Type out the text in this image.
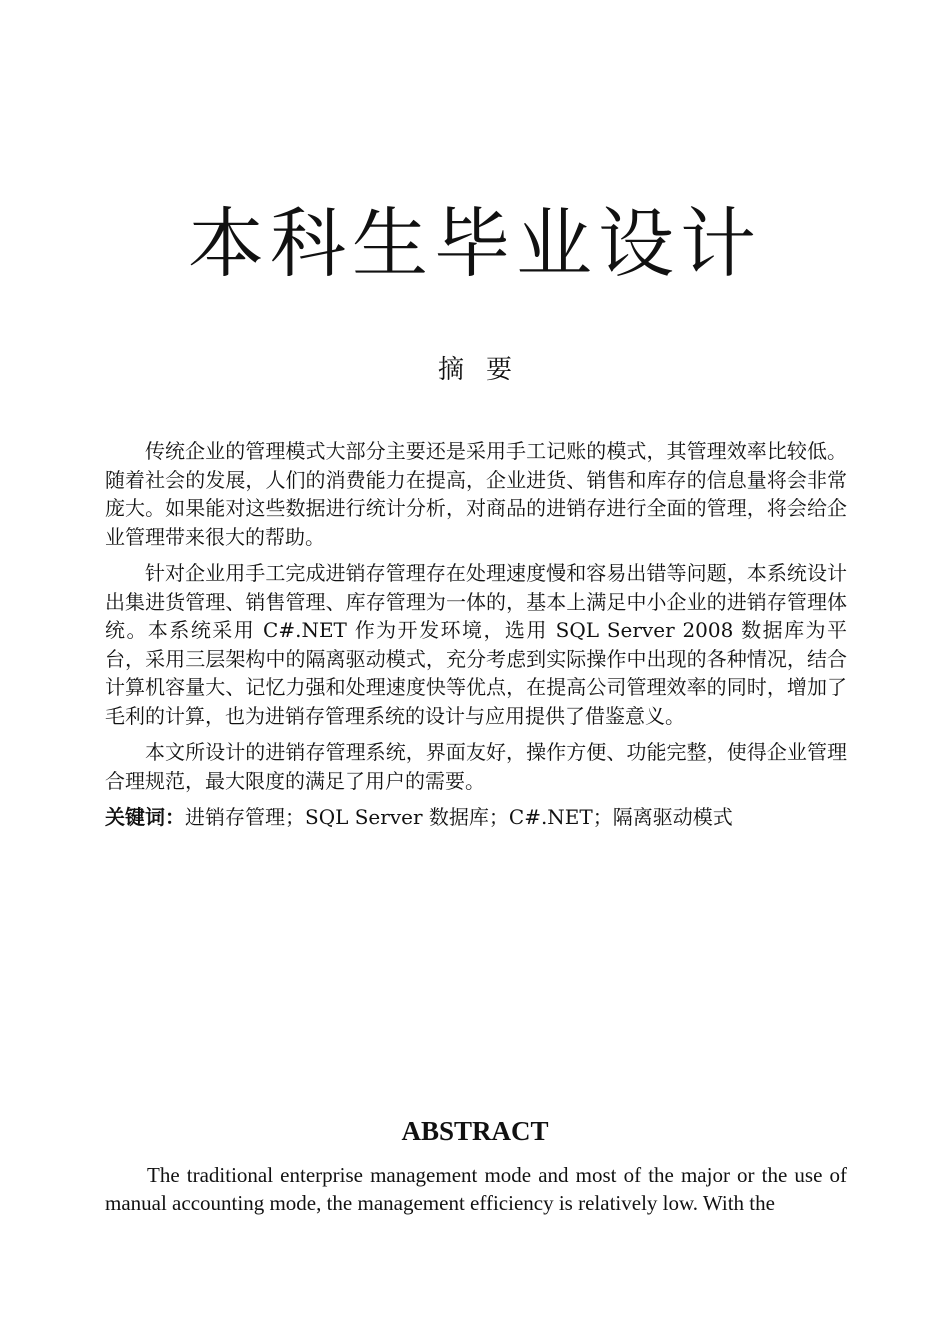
本科生毕业设计
摘要

传统企业的管理模式大部分主要还是采用手工记账的模式，其管理效率比较低。随着社会的发展，人们的消费能力在提高，企业进货、销售和库存的信息量将会非常庞大。如果能对这些数据进行统计分析，对商品的进销存进行全面的管理，将会给企业管理带来很大的帮助。

针对企业用手工完成进销存管理存在处理速度慢和容易出错等问题，本系统设计出集进货管理、销售管理、库存管理为一体的，基本上满足中小企业的进销存管理体统。本系统采用 C#.NET 作为开发环境，选用 SQL Server 2008 数据库为平台，采用三层架构中的隔离驱动模式，充分考虑到实际操作中出现的各种情况，结合计算机容量大、记忆力强和处理速度快等优点，在提高公司管理效率的同时，增加了毛利的计算，也为进销存管理系统的设计与应用提供了借鉴意义。

本文所设计的进销存管理系统，界面友好，操作方便、功能完整，使得企业管理合理规范，最大限度的满足了用户的需要。

关键词：进销存管理；SQL Server 数据库；C#.NET；隔离驱动模式

ABSTRACT

The traditional enterprise management mode and most of the major or the use of manual accounting mode, the management efficiency is relatively low. With the
